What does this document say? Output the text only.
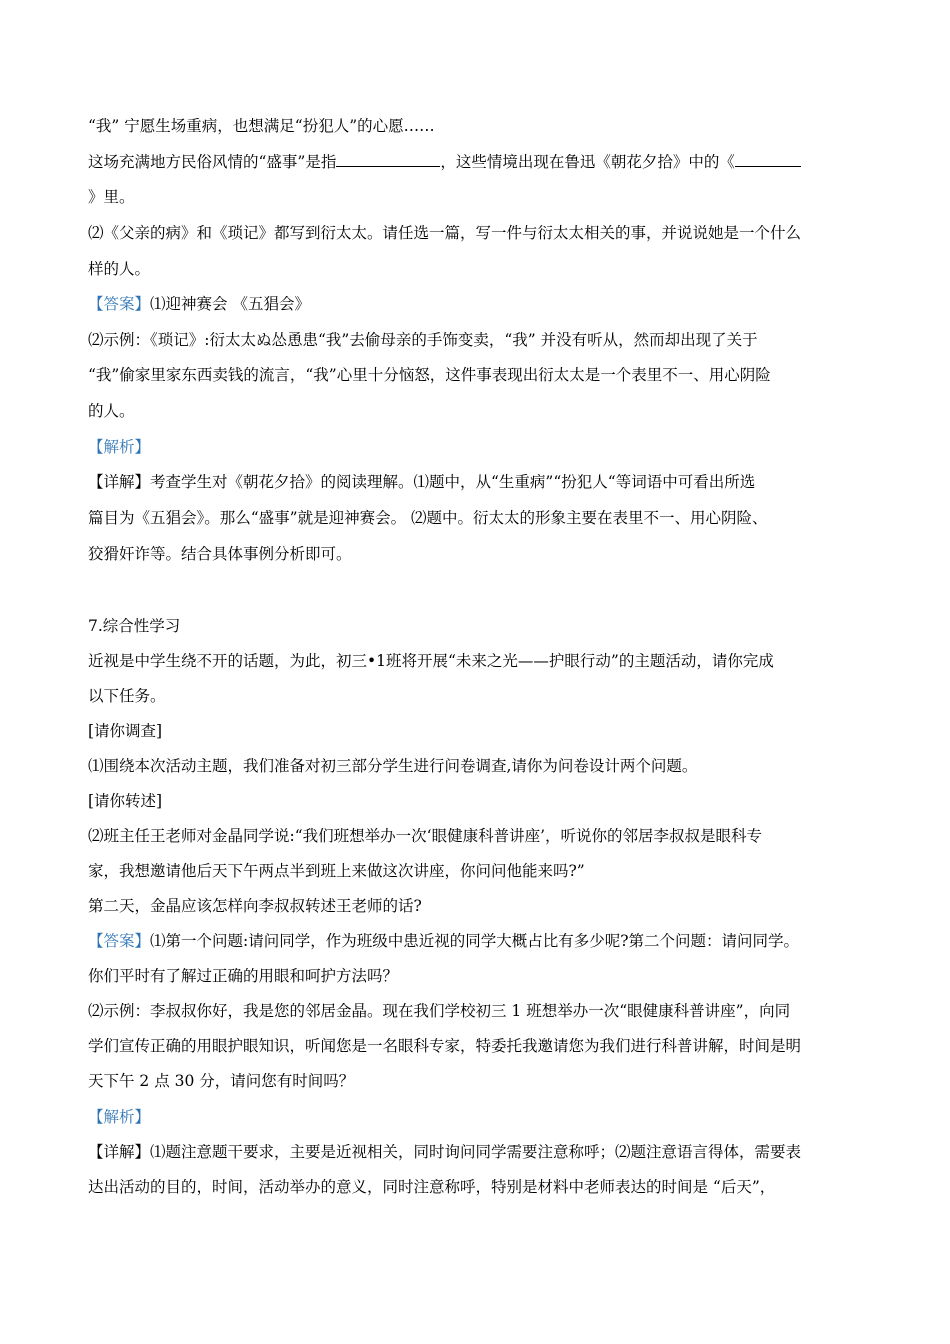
“我” 宁愿生场重病，也想满足“扮犯人”的心愿……
这场充满地方民俗风情的“盛事”是指	，这些情境出现在鲁迅《朝花夕拾》中的《
》里。
⑵《父亲的病》和《琐记》都写到衍太太。请任选一篇，写一件与衍太太相关的事，并说说她是一个什么
样的人。
【答案】⑴迎神赛会 《五猖会》
⑵示例：《琐记》:衍太太ぬ怂恿患“我”去偷母亲的手饰变卖，“我” 并没有听从，然而却出现了关于
“我”偷家里家东西卖钱的流言，“我”心里十分恼怒，这件事表现出衍太太是一个表里不一、用心阴险
的人。
【解析】
【详解】考查学生对《朝花夕拾》的阅读理解。⑴题中，从“生重病”“扮犯人“等词语中可看出所选
篇目为《五猖会》。那么“盛事”就是迎神赛会。 ⑵题中。衍太太的形象主要在表里不一、用心阴险、
狡猾奸诈等。结合具体事例分析即可。
7.综合性学习
近视是中学生绕不开的话题，为此，初三•1班将开展“未来之光——护眼行动”的主题活动，请你完成
以下任务。
[请你调查]
⑴围绕本次活动主题，我们准备对初三部分学生进行问卷调查,请你为问卷设计两个问题。
[请你转述]
⑵班主任王老师对金晶同学说:“我们班想举办一次‘眼健康科普讲座’，听说你的邻居李叔叔是眼科专
家，我想邀请他后天下午两点半到班上来做这次讲座，你问问他能来吗?”
第二天，金晶应该怎样向李叔叔转述王老师的话?
【答案】⑴第一个问题:请问同学，作为班级中患近视的同学大概占比有多少呢?第二个问题：请问同学。
你们平时有了解过正确的用眼和呵护方法吗？
⑵示例：李叔叔你好，我是您的邻居金晶。现在我们学校初三 1 班想举办一次“眼健康科普讲座”，向同
学们宣传正确的用眼护眼知识，听闻您是一名眼科专家，特委托我邀请您为我们进行科普讲解，时间是明
天下午 2 点 30 分，请问您有时间吗？
【解析】
【详解】⑴题注意题干要求，主要是近视相关，同时询问同学需要注意称呼；⑵题注意语言得体，需要表
达出活动的目的，时间，活动举办的意义，同时注意称呼，特别是材料中老师表达的时间是 “后天”，
